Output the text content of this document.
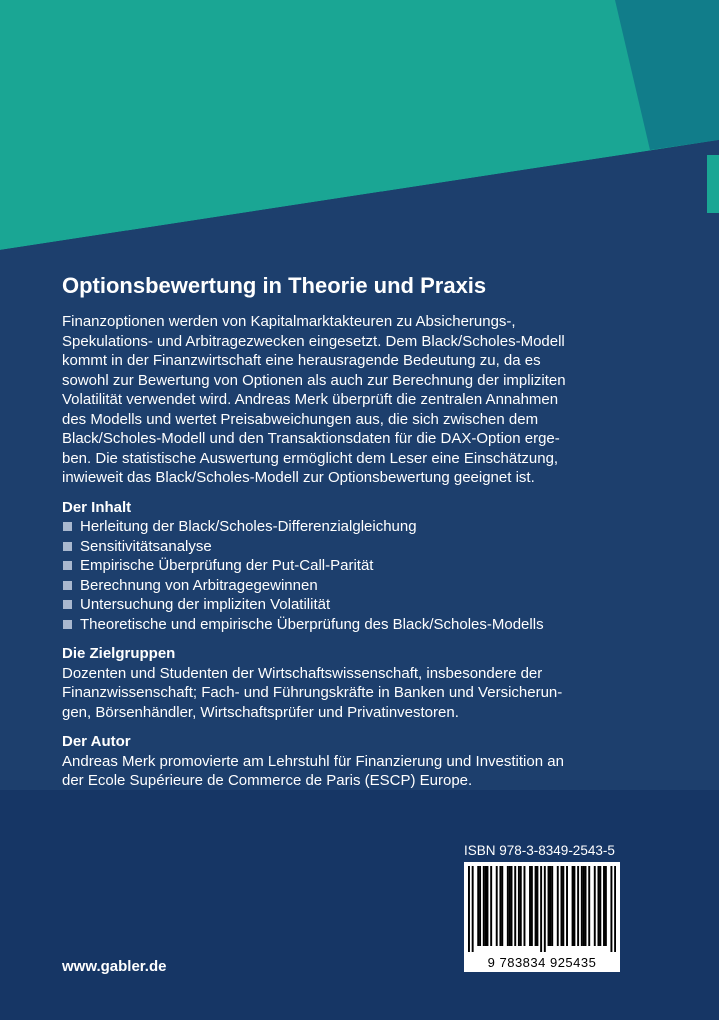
Optionsbewertung in Theorie und Praxis

Finanzoptionen werden von Kapitalmarktakteuren zu Absicherungs-,
Spekulations- und Arbitragezwecken eingesetzt. Dem Black/Scholes-Modell
kommt in der Finanzwirtschaft eine herausragende Bedeutung zu, da es
sowohl zur Bewertung von Optionen als auch zur Berechnung der impliziten
Volatilität verwendet wird. Andreas Merk überprüft die zentralen Annahmen
des Modells und wertet Preisabweichungen aus, die sich zwischen dem
Black/Scholes-Modell und den Transaktionsdaten für die DAX-Option erge-
ben. Die statistische Auswertung ermöglicht dem Leser eine Einschätzung,
inwieweit das Black/Scholes-Modell zur Optionsbewertung geeignet ist.

Der Inhalt
Herleitung der Black/Scholes-Differenzialgleichung
Sensitivitätsanalyse
Empirische Überprüfung der Put-Call-Parität
Berechnung von Arbitragegewinnen
Untersuchung der impliziten Volatilität
Theoretische und empirische Überprüfung des Black/Scholes-Modells
Die Zielgruppen

Dozenten und Studenten der Wirtschaftswissenschaft, insbesondere der
Finanzwissenschaft; Fach- und Führungskräfte in Banken und Versicherun-
gen, Börsenhändler, Wirtschaftsprüfer und Privatinvestoren.

Der Autor

Andreas Merk promovierte am Lehrstuhl für Finanzierung und Investition an
der Ecole Supérieure de Commerce de Paris (ESCP) Europe.

ISBN 978-3-8349-2543-5
9 783834 925435
www.gabler.de
